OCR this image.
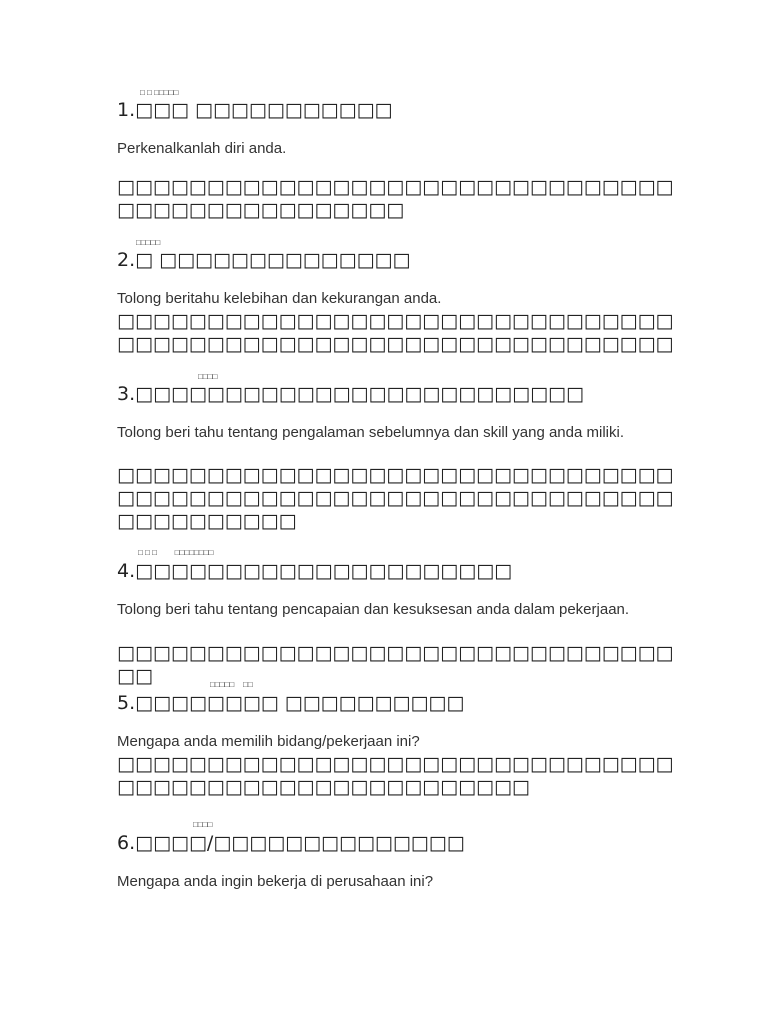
□ □ □□□□□
1.□□□ □□□□□□□□□□□
Perkenalkanlah diri anda.
□□□□□□□□□□□□□□□□□□□□□□□□□□□□□□□□□□□□□□□□□□□□□□□
□□□□□
2.□ □□□□□□□□□□□□□□
Tolong beritahu kelebihan dan kekurangan anda.
□□□□□□□□□□□□□□□□□□□□□□□□□□□□□□□□□□□□□□□□□□□□□□□□□□□□□□□□□□□□□□
□□□□
3.□□□□□□□□□□□□□□□□□□□□□□□□□
Tolong beri tahu tentang pengalaman sebelumnya dan skill yang anda miliki.
□□□□□□□□□□□□□□□□□□□□□□□□□□□□□□□□□□□□□□□□□□□□□□□□□□□□□□□□□□□□□□□□□□□□□□□□
□ □ □        □□□□□□□□
4.□□□□□□□□□□□□□□□□□□□□□
Tolong beri tahu tentang pencapaian dan kesuksesan anda dalam pekerjaan.
□□□□□□□□□□□□□□□□□□□□□□□□□□□□□□□□□	□□□□□    □□
5.□□□□□□□□ □□□□□□□□□□
Mengapa anda memilih bidang/pekerjaan ini?
□□□□□□□□□□□□□□□□□□□□□□□□□□□□□□□□□□□□□□□□□□□□□□□□□□□□□□
□□□□
6.□□□□/□□□□□□□□□□□□□□
Mengapa anda ingin bekerja di perusahaan ini?
